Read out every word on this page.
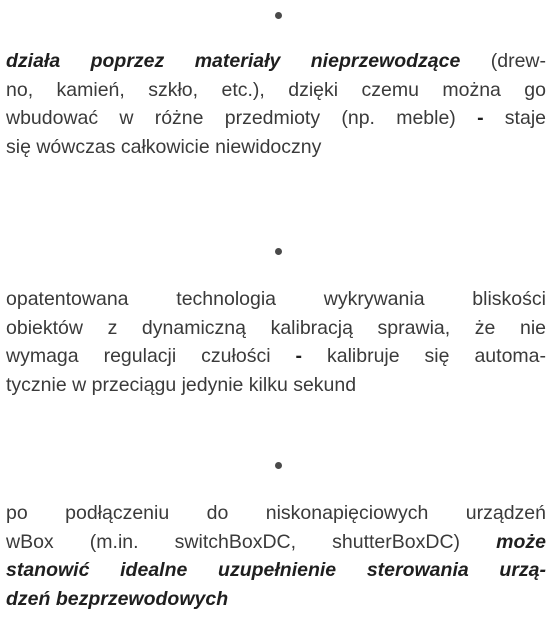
działa poprzez materiały nieprzewodzące (drew-
no, kamień, szkło, etc.), dzięki czemu można go
wbudować w różne przedmioty (np. meble) - staje
się wówczas całkowicie niewidoczny
opatentowana technologia wykrywania bliskości
obiektów z dynamiczną kalibracją sprawia, że nie
wymaga regulacji czułości - kalibruje się automa-
tycznie w przeciągu jedynie kilku sekund
po podłączeniu do niskonapięciowych urządzeń
wBox (m.in. switchBoxDC, shutterBoxDC) może
stanowić idealne uzupełnienie sterowania urzą-
dzeń bezprzewodowych
